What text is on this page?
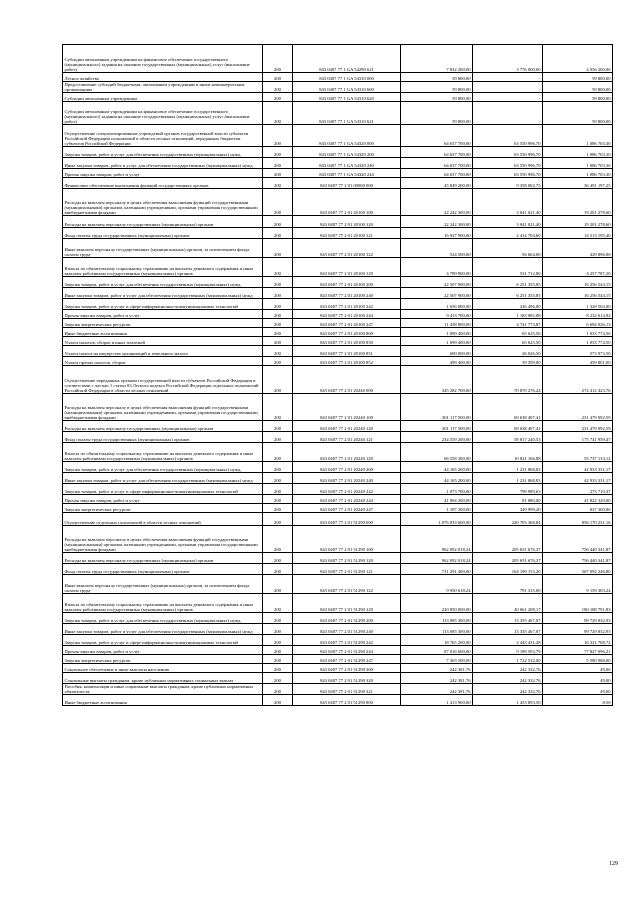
Субсидии автономным учреждениям на финансовое обеспечение государственного (муниципального) задания на оказание государственных (муниципальных) услуг (выполнение работ)	200	843 0407 77 1 GA 54290 621	7 832 200,00	3 776 000,00	4 056 200,00
Лесное хозяйство	200	843 0407 77 1 GA 54310 000	59 800,00	-	59 800,00
Предоставление субсидий бюджетным, автономным учреждениям и иным некоммерческим организациям	200	843 0407 77 1 GA 54310 600	59 800,00	-	59 800,00
Субсидии автономным учреждениям	200	843 0407 77 1 GA 54310 620	59 800,00	-	59 800,00
Субсидии автономным учреждениям на финансовое обеспечение государственного (муниципального) задания на оказание государственных (муниципальных) услуг (выполнение работ)	200	843 0407 77 1 GA 54310 621	59 800,00	-	59 800,00
Осуществление специализированных учреждений органов государственной власти субъектов Российской Федерации полномочий в области лесных отношений, переданных бюджетам субъектов Российской Федерации	200	843 0407 77 1 GA 54320 000	64 637 700,00	63 550 996,70	1 086 703,30
Закупка товаров, работ и услуг для обеспечения государственных (муниципальных) нужд	200	843 0407 77 1 GA 54320 200	64 637 700,00	63 550 996,70	1 086 703,30
Иные закупки товаров, работ и услуг для обеспечения государственных (муниципальных) нужд	200	843 0407 77 1 GA 54320 240	64 637 700,00	63 550 996,70	1 086 703,30
Прочая закупка товаров, работ и услуг	200	843 0407 77 1 GA 54320 244	64 637 700,00	63 550 996,70	1 086 703,30
Финансовое обеспечение выполнения функций государственных органов	200	843 0407 77 2 01 00000 000	45 849 200,00	9 358 002,75	36 491 197,25
Расходы на выплаты персоналу в целях обеспечения выполнения функций государственными (муниципальными) органами, казенными учреждениями, органами управления государственными внебюджетными фондами	200	843 0407 77 2 01 20100 100	22 242 300,00	3 041 021,40	19 201 278,60
Расходы на выплаты персоналу государственных (муниципальных) органов	200	843 0407 77 2 01 20100 120	22 242 300,00	3 041 021,40	19 201 278,60
Фонд оплаты труда государственных (муниципальных) органов	200	843 0407 77 2 01 20100 121	16 927 900,00	2 414 704,60	14 513 195,40
Иные выплаты персоналу государственных (муниципальных) органов, за исключением фонда оплаты труда	200	843 0407 77 2 01 20100 122	524 500,00	94 604,00	429 896,00
Взносы по обязательному социальному страхованию на выплаты денежного содержания и иные выплаты работникам государственных (муниципальных) органов	200	843 0407 77 2 01 20100 129	4 789 900,00	531 712,80	4 257 787,20
Закупка товаров, работ и услуг для обеспечения государственных (муниципальных) нужд	200	843 0407 77 2 01 20100 200	22 507 900,00	6 251 355,85	16 256 544,15
Иные закупки товаров, работ и услуг для обеспечения государственных (муниципальных) нужд	200	843 0407 77 2 01 20100 240	22 507 900,00	6 251 355,85	16 256 544,15
Закупка товаров, работ и услуг в сфере информационно-коммуникационных технологий	200	843 0407 77 2 01 20100 242	1 656 000,00	326 496,00	1 329 504,00
Прочая закупка товаров, работ и услуг	200	843 0407 77 2 01 20100 244	9 413 700,00	1 183 085,08	8 232 614,92
Закупка энергетических ресурсов	200	843 0407 77 2 01 20100 247	11 438 800,00	4 741 773,87	6 694 026,13
Иные бюджетные ассигнования	200	843 0407 77 2 01 20100 800	1 099 400,00	65 625,50	1 033 774,50
Уплата налогов, сборов и иных платежей	200	843 0407 77 2 01 20100 850	1 099 400,00	65 625,50	1 033 774,50
Уплата налога на имущество организаций и земельного налога	200	843 0407 77 2 01 20100 851	600 000,00	26 026,50	573 973,50
Уплата прочих налогов, сборов	200	843 0407 77 2 01 20100 852	499 400,00	39 599,00	459 801,00
Осуществление переданных органам государственной власти субъектов Российской Федерации в соответствии с частью 1 статьи 83 Лесного кодекса Российской Федерации отдельных полномочий Российской Федерации в области лесных отношений	200	843 0407 77 2 01 20240 000	345 282 700,00	70 870 276,24	274 412 423,76
Расходы на выплаты персоналу в целях обеспечения выполнения функций государственными (муниципальными) органами, казенными учреждениями, органами управления государственными внебюджетными фондами	200	843 0407 77 2 01 20240 100	301 117 500,00	69 638 407,41	231 479 092,59
Расходы на выплаты персоналу государственных (муниципальных) органов	200	843 0407 77 2 01 20240 120	301 117 500,00	69 638 407,41	231 479 092,59
Фонд оплаты труда государственных (муниципальных) органов	200	843 0407 77 2 01 20240 121	234 559 200,00	58 817 240,53	175 741 959,47
Взносы по обязательному социальному страхованию на выплаты денежного содержания и иные выплаты работникам государственных (муниципальных) органов	200	843 0407 77 2 01 20240 129	66 558 300,00	10 821 166,88	55 737 133,12
Закупка товаров, работ и услуг для обеспечения государственных (муниципальных) нужд	200	843 0407 77 2 01 20240 200	44 165 200,00	1 231 868,83	42 933 331,17
Иные закупки товаров, работ и услуг для обеспечения государственных (муниципальных) нужд	200	843 0407 77 2 01 20240 240	44 165 200,00	1 231 868,83	42 933 331,17
Закупка товаров, работ и услуг в сфере информационно-коммуникационных технологий	200	843 0407 77 2 01 20240 242	1 073 700,00	799 989,63	273 710,37
Прочая закупка товаров, работ и услуг	200	843 0407 77 2 01 20240 244	41 904 200,00	81 880,00	41 822 320,00
Закупка энергетических ресурсов	200	843 0407 77 2 01 20240 247	1 187 300,00	349 999,20	837 300,80
Осуществление отдельных полномочий в области лесных отношений	200	843 0407 77 2 01 51290 000	1 076 833 600,00	220 703 368,84	856 170 231,16
Расходы на выплаты персоналу в целях обеспечения выполнения функций государственными (муниципальными) органами, казенными учреждениями, органами управления государственными внебюджетными фондами	200	843 0407 77 2 01 51290 100	962 092 018,24	205 651 676,37	756 440 341,87
Расходы на выплаты персоналу государственных (муниципальных) органов	200	843 0407 77 2 01 51290 120	962 092 018,24	205 651 676,37	756 440 341,87
Фонд оплаты труда государственных (муниципальных) органов	200	843 0407 77 2 01 51290 121	731 291 400,00	164 199 153,20	567 092 246,80
Иные выплаты персоналу государственных (муниципальных) органов, за исключением фонда оплаты труда	200	843 0407 77 2 01 51290 122	9 950 618,24	791 315,00	9 159 303,24
Взносы по обязательному социальному страхованию на выплаты денежного содержания и иные выплаты работникам государственных (муниципальных) органов	200	843 0407 77 2 01 51290 129	220 850 000,00	40 661 208,17	180 188 791,83
Закупка товаров, работ и услуг для обеспечения государственных (муниципальных) нужд	200	843 0407 77 2 01 51290 200	113 085 300,00	13 355 467,07	99 729 832,93
Иные закупки товаров, работ и услуг для обеспечения государственных (муниципальных) нужд	200	843 0407 77 2 01 51290 240	113 085 300,00	13 355 467,07	99 729 832,93
Закупка товаров, работ и услуг в сфере информационно-коммуникационных технологий	200	843 0407 77 2 01 51290 242	18 765 200,00	2 443 431,28	16 321 768,72
Прочая закупка товаров, работ и услуг	200	843 0407 77 2 01 51290 244	87 016 600,00	9 189 503,79	77 827 096,21
Закупка энергетических ресурсов	200	843 0407 77 2 01 51290 247	7 303 500,00	1 722 532,00	5 580 968,00
Социальное обеспечение и иные выплаты населению	200	843 0407 77 2 01 51290 300	242 381,76	242 332,76	49,00
Социальные выплаты гражданам, кроме публичных нормативных социальных выплат	200	843 0407 77 2 01 51290 320	242 381,76	242 332,76	49,00
Пособия, компенсации и иные социальные выплаты гражданам, кроме публичных нормативных обязательств	200	843 0407 77 2 01 51290 321	242 381,76	242 332,76	49,00
Иные бюджетные ассигнования	200	843 0407 77 2 01 51290 800	1 413 900,00	1 453 893,50	8,50
129
